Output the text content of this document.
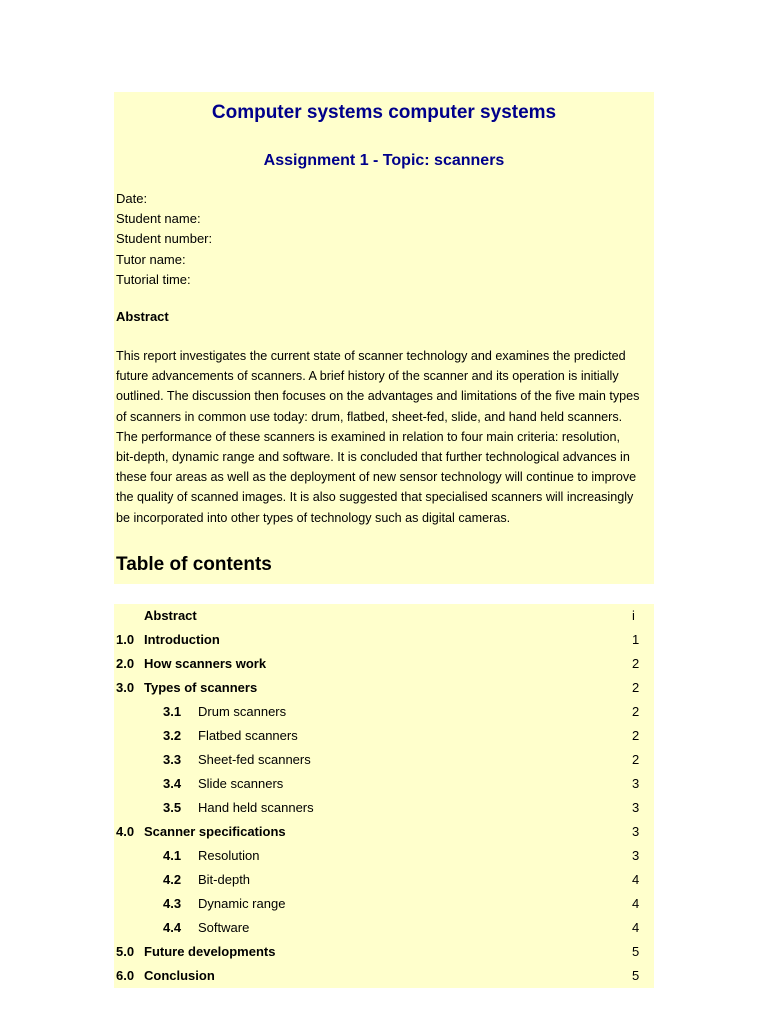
Computer systems computer systems
Assignment 1 - Topic: scanners
Date:
Student name:
Student number:
Tutor name:
Tutorial time:
Abstract

This report investigates the current state of scanner technology and examines the predicted
future advancements of scanners. A brief history of the scanner and its operation is initially
outlined. The discussion then focuses on the advantages and limitations of the five main types
of scanners in common use today: drum, flatbed, sheet-fed, slide, and hand held scanners.
The performance of these scanners is examined in relation to four main criteria: resolution,
bit-depth, dynamic range and software. It is concluded that further technological advances in
these four areas as well as the deployment of new sensor technology will continue to improve
the quality of scanned images. It is also suggested that specialised scanners will increasingly
be incorporated into other types of technology such as digital cameras.

Table of contents
Abstract	i
1.0 Introduction	1
2.0 How scanners work	2
3.0 Types of scanners	2
3.1 Drum scanners	2
3.2 Flatbed scanners	2
3.3 Sheet-fed scanners	2
3.4 Slide scanners	3
3.5 Hand held scanners	3
4.0 Scanner specifications	3
4.1 Resolution	3
4.2 Bit-depth	4
4.3 Dynamic range	4
4.4 Software	4
5.0 Future developments	5
6.0 Conclusion	5
